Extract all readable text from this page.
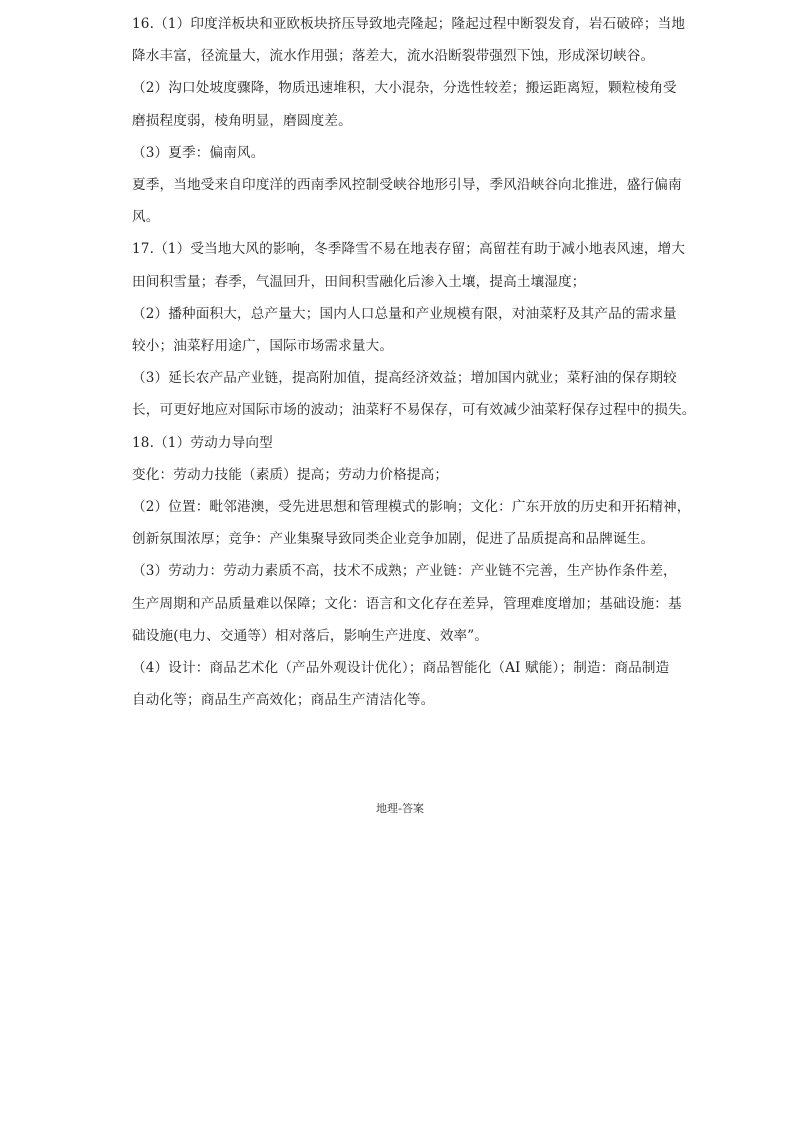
16.（1）印度洋板块和亚欧板块挤压导致地壳隆起；隆起过程中断裂发育，岩石破碎；当地
降水丰富，径流量大，流水作用强；落差大，流水沿断裂带强烈下蚀，形成深切峡谷。
（2）沟口处坡度骤降，物质迅速堆积，大小混杂，分选性较差；搬运距离短，颗粒棱角受
磨损程度弱，棱角明显，磨圆度差。
（3）夏季：偏南风。
夏季，当地受来自印度洋的西南季风控制受峡谷地形引导，季风沿峡谷向北推进，盛行偏南
风。
17.（1）受当地大风的影响，冬季降雪不易在地表存留；高留茬有助于减小地表风速，增大
田间积雪量；春季，气温回升，田间积雪融化后渗入土壤，提高土壤湿度；
（2）播种面积大，总产量大；国内人口总量和产业规模有限，对油菜籽及其产品的需求量
较小；油菜籽用途广，国际市场需求量大。
（3）延长农产品产业链，提高附加值，提高经济效益；增加国内就业；菜籽油的保存期较
长，可更好地应对国际市场的波动；油菜籽不易保存，可有效减少油菜籽保存过程中的损失。
18.（1）劳动力导向型
变化：劳动力技能（素质）提高；劳动力价格提高；
（2）位置：毗邻港澳，受先进思想和管理模式的影响；文化：广东开放的历史和开拓精神，
创新氛围浓厚；竞争：产业集聚导致同类企业竞争加剧，促进了品质提高和品牌诞生。
（3）劳动力：劳动力素质不高，技术不成熟；产业链：产业链不完善，生产协作条件差，
生产周期和产品质量难以保障；文化：语言和文化存在差异，管理难度增加；基础设施：基
础设施(电力、交通等）相对落后，影响生产进度、效率”。
（4）设计：商品艺术化（产品外观设计优化）；商品智能化（AI 赋能）；制造：商品制造
自动化等；商品生产高效化；商品生产清洁化等。
地理-答案
